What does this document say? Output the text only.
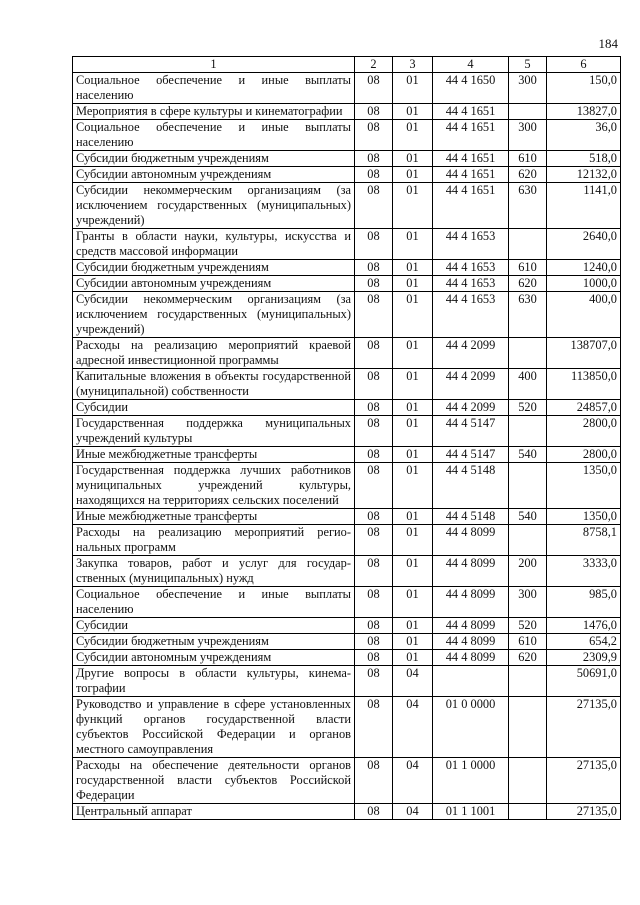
184
1	2	3	4	5	6
Социальное обеспечение и иные выплаты населению	08	01	44 4 1650	300	150,0
Мероприятия в сфере культуры и кинематографии	08	01	44 4 1651		13827,0
Социальное обеспечение и иные выплаты населению	08	01	44 4 1651	300	36,0
Субсидии бюджетным учреждениям	08	01	44 4 1651	610	518,0
Субсидии автономным учреждениям	08	01	44 4 1651	620	12132,0
Субсидии некоммерческим организациям (за исключением государственных (муниципальных) учреждений)	08	01	44 4 1651	630	1141,0
Гранты в области науки, культуры, искусства и средств массовой информации	08	01	44 4 1653		2640,0
Субсидии бюджетным учреждениям	08	01	44 4 1653	610	1240,0
Субсидии автономным учреждениям	08	01	44 4 1653	620	1000,0
Субсидии некоммерческим организациям (за исключением государственных (муниципальных) учреждений)	08	01	44 4 1653	630	400,0
Расходы на реализацию мероприятий краевой адресной инвестиционной программы	08	01	44 4 2099		138707,0
Капитальные вложения в объекты государственной (муниципальной) собственности	08	01	44 4 2099	400	113850,0
Субсидии	08	01	44 4 2099	520	24857,0
Государственная поддержка муниципальных учреждений культуры	08	01	44 4 5147		2800,0
Иные межбюджетные трансферты	08	01	44 4 5147	540	2800,0
Государственная поддержка лучших работников муниципальных учреждений культуры, находящихся на территориях сельских поселений	08	01	44 4 5148		1350,0
Иные межбюджетные трансферты	08	01	44 4 5148	540	1350,0
Расходы на реализацию мероприятий региональных программ	08	01	44 4 8099		8758,1
Закупка товаров, работ и услуг для государственных (муниципальных) нужд	08	01	44 4 8099	200	3333,0
Социальное обеспечение и иные выплаты населению	08	01	44 4 8099	300	985,0
Субсидии	08	01	44 4 8099	520	1476,0
Субсидии бюджетным учреждениям	08	01	44 4 8099	610	654,2
Субсидии автономным учреждениям	08	01	44 4 8099	620	2309,9
Другие вопросы в области культуры, кинематографии	08	04			50691,0
Руководство и управление в сфере установленных функций органов государственной власти субъектов Российской Федерации и органов местного самоуправления	08	04	01 0 0000		27135,0
Расходы на обеспечение деятельности органов государственной власти субъектов Российской Федерации	08	04	01 1 0000		27135,0
Центральный аппарат	08	04	01 1 1001		27135,0
